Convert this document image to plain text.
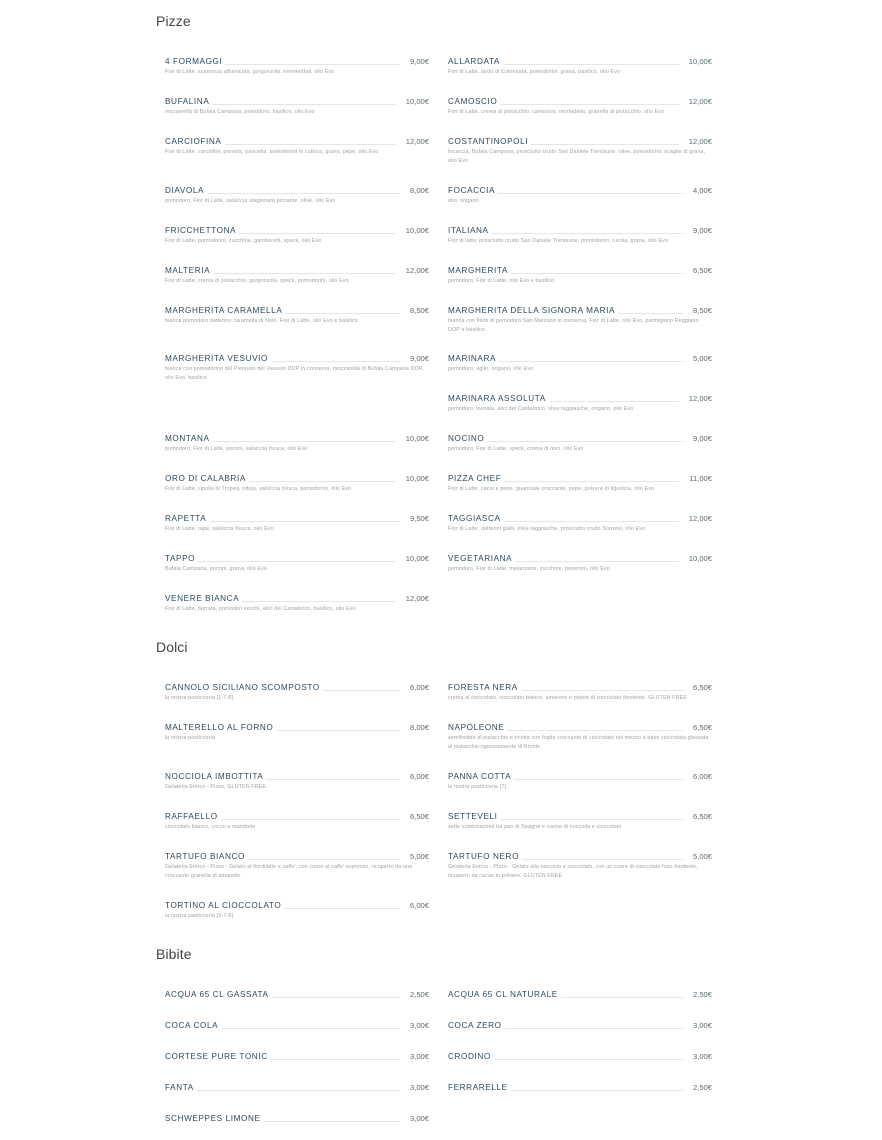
Pizze
4 FORMAGGI	9,00€
Fior di Latte, scamorza affumicata, gorgonzola, emmenthal, olio Evo
BUFALINA	10,00€
mozzarella di Bufala Campana, pomodoro, basilico, olio Evo
CARCIOFINA	12,00€
Fior di Latte, carciofini, provola, pancetta, pomodorini in cottura, grana, pepe, olio Evo
DIAVOLA	8,00€
pomodoro, Fior di Latte, salsiccia stagionata piccante, olive, olio Evo
FRICCHETTONA	10,00€
Fior di Latte, pomodorini, zucchine, gamberetti, speck, olio Evo
MALTERIA	12,00€
Fior di Latte, crema di pistacchio, gorgonzola, speck, pomodorini, olio Evo
MARGHERITA CARAMELLA	8,50€
bianca pomodoro datterino caramella di Nolo, Fior di Latte, olio Evo e basilico
MARGHERITA VESUVIO	9,00€
bianca con pomodorino del Piennolo del Vesuvio DOP in conserva, mozzarella di Bufala Campana DOP, olio Evo, basilico
MONTANA	10,00€
pomodoro, Fior di Latte, porcini, salsiccia fresca, olio Evo
ORO DI CALABRIA	10,00€
Fior di Latte, cipolla di Tropea, nduja, salsiccia fresca, pomodorini, olio Evo
RAPETTA	9,50€
Fior di Latte, rape, salsiccia fresca, olio Evo
TAPPO	10,00€
Bufala Campana, porcini, grana, olio Evo
VENERE BIANCA	12,00€
Fior di Latte, burrata, pomodori secchi, alici del Cantabrico, basilico, olio Evo
ALLARDATA	10,00€
Fior di Latte, lardo di Colonnata, pomodorini, grana, basilico, olio Evo
CAMOSCIO	12,00€
Fior di Latte, crema di pistacchio, camoscio, mortadella, granella di pistacchio, olio Evo
COSTANTINOPOLI	12,00€
focaccia, Bufala Campana, prosciutto crudo San Daniele Trentaune, olive, pomodorini, scaglie di grana, olio Evo
FOCACCIA	4,00€
olio, origano
ITALIANA	9,00€
Fior di latte, prosciutto crudo San Daniele Trentaune, pomodorini, rucola, grana, olio Evo
MARGHERITA	6,50€
pomodoro, Fior di Latte, olio Evo e basilico
MARGHERITA DELLA SIGNORA MARIA	8,50€
bianca con filetti di pomodoro San Marzano in conserva, Fior di Latte, olio Evo, parmigiano Reggiano DOP e basilico
MARINARA	5,00€
pomodoro, aglio, origano, olio Evo
MARINARA ASSOLUTA	12,00€
pomodoro, burrata, alici del Cantabrico, olive taggiasche, origano, olio Evo
NOCINO	9,00€
pomodoro, Fior di Latte, speck, crema di noci, olio Evo
PIZZA CHEF	11,00€
Fior di Latte, cacio e pepe, guanciale croccante, pepe, polvere di liquirizia, olio Evo
TAGGIASCA	12,00€
Fior di Latte, datterini gialli, olive taggiasche, prosciutto crudo Sorrano, olio Evo
VEGETARIANA	10,00€
pomodoro, Fior di Latte, melanzane, zucchine, peperoni, olio Evo
Dolci
CANNOLO SICILIANO SCOMPOSTO	6,00€
la nostra pasticceria [1-7-8]
MALTERELLO AL FORNO	8,00€
la nostra pasticceria
NOCCIOLA IMBOTTITA	6,00€
Gelateria Enrico - Pizzo, GLUTEN FREE
RAFFAELLO	6,50€
cioccolato bianco, cocco e mandorle
TARTUFO BIANCO	5,00€
Gelateria Enrico - Pizzo - Gelato al fiordilatte e caffe', con cuore al caffe' espresso, ricoperto da una croccante granella di amaretto
TORTINO AL CIOCCOLATO	6,00€
la nostra pasticceria [3-7-8]
FORESTA NERA	6,50€
crema al cioccolato, cioccolato bianco, amarene e pepite di cioccolato fondente. GLUTEN FREE
NAPOLEONE	6,50€
semifreddo al pistacchio e ricotta con foglie croccante di cioccolato nel mezzo a base cioccolata glassata al pistacchio rigorosamente di Bronte
PANNA COTTA	6,00€
la nostra pasticceria [7]
SETTEVELI	6,50€
sette combinazioni tra pan di Spagna e creme di nocciola e cioccolato
TARTUFO NERO	5,00€
Gelateria Enrico - Pizzo - Gelato alla nocciola e cioccolato, con un cuore di cioccolato fuso fondente, ricoperto da cacao in polvere. GLUTEN FREE
Bibite
ACQUA 65 CL GASSATA	2,50€
COCA COLA	3,00€
CORTESE PURE TONIC	3,00€
FANTA	3,00€
SCHWEPPES LIMONE	3,00€
ACQUA 65 CL NATURALE	2,50€
COCA ZERO	3,00€
CRODINO	3,00€
FERRARELLE	2,50€
